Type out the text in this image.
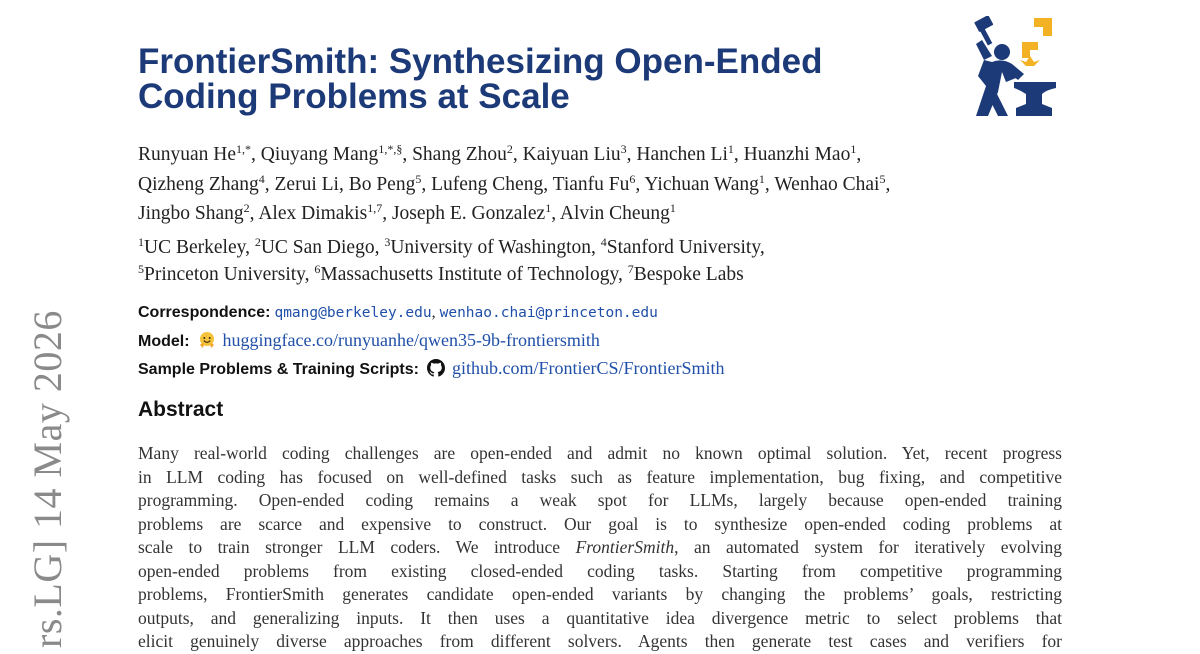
rs.LG] 14 May 2026
FrontierSmith: Synthesizing Open-Ended
Coding Problems at Scale
Runyuan $He^{1,*}$, Qiuyang Mang$^{1,*,\S}$, Shang Zhou$^2$, Kaiyuan Liu$^3$, Hanchen Li$^1$, Huanzhi Mao$^1$,
Qizheng Zhang$^4$, Zerui Li, Bo Peng$^5$, Lufeng Cheng, Tianfu Fu$^6$, Yichuan Wang$^1$, Wenhao Chai$^5$,
Jingbo Shang$^2$, Alex Dimakis$^{1,7}$, Joseph E. Gonzalez$^1$, Alvin Cheung$^1$
$^1$UC Berkeley, $^2$UC San Diego, $^3$University of Washington, $^4$Stanford University,
$^5$Princeton University, $^6$Massachusetts Institute of Technology, $^7$Bespoke Labs
Correspondence: qmang@berkeley.edu, wenhao.chai@princeton.edu
Model: huggingface.co/runyuanhe/qwen35-9b-frontiersmith
Sample Problems & Training Scripts: github.com/FrontierCS/FrontierSmith
Abstract
Many real-world coding challenges are open-ended and admit no known optimal solution. Yet, recent progress
in LLM coding has focused on well-defined tasks such as feature implementation, bug fixing, and competitive
programming. Open-ended coding remains a weak spot for LLMs, largely because open-ended training
problems are scarce and expensive to construct. Our goal is to synthesize open-ended coding problems at
scale to train stronger LLM coders. We introduce FrontierSmith, an automated system for iteratively evolving
open-ended problems from existing closed-ended coding tasks. Starting from competitive programming
problems, FrontierSmith generates candidate open-ended variants by changing the problems’ goals, restricting
outputs, and generalizing inputs. It then uses a quantitative idea divergence metric to select problems that
elicit genuinely diverse approaches from different solvers. Agents then generate test cases and verifiers for
